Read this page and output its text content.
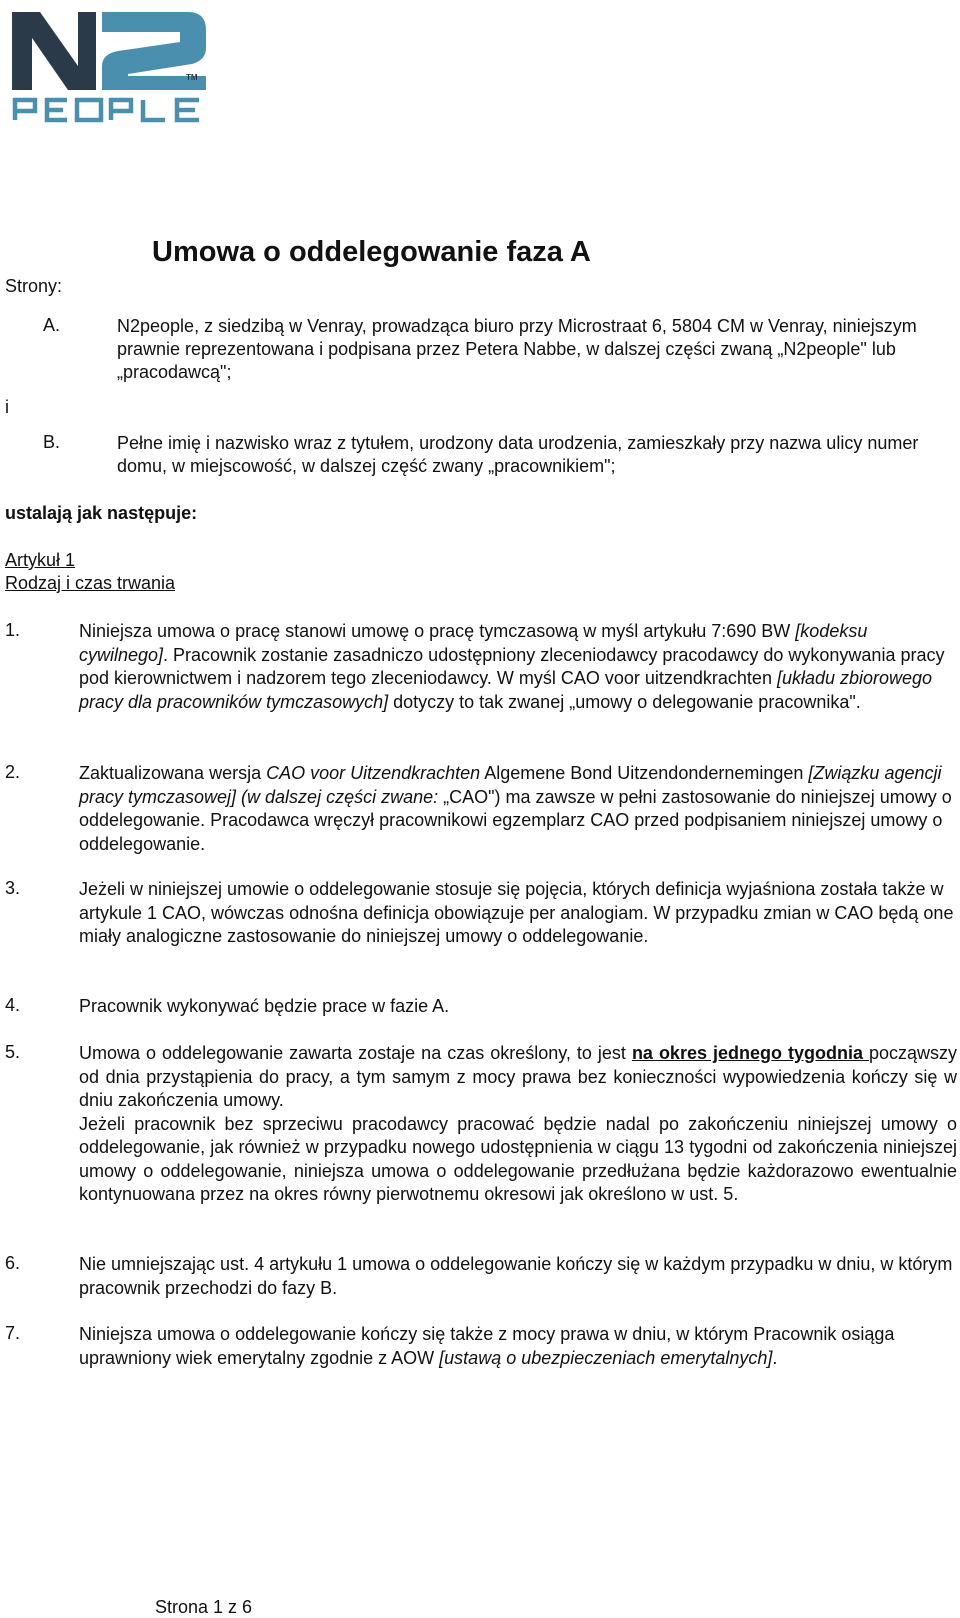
TM
Umowa o oddelegowanie faza A
Strony:
A.	N2people, z siedzibą w Venray, prowadząca biuro przy Microstraat 6, 5804 CM w Venray, niniejszym prawnie reprezentowana i podpisana przez Petera Nabbe, w dalszej części zwaną „N2people" lub „pracodawcą";
i
B.	Pełne imię i nazwisko wraz z tytułem, urodzony data urodzenia, zamieszkały przy nazwa ulicy numer domu, w miejscowość, w dalszej część zwany „pracownikiem";
ustalają jak następuje:
Artykuł 1
Rodzaj i czas trwania
1.	Niniejsza umowa o pracę stanowi umowę o pracę tymczasową w myśl artykułu 7:690 BW [kodeksu cywilnego]. Pracownik zostanie zasadniczo udostępniony zleceniodawcy pracodawcy do wykonywania pracy pod kierownictwem i nadzorem tego zleceniodawcy. W myśl CAO voor uitzendkrachten [układu zbiorowego pracy dla pracowników tymczasowych] dotyczy to tak zwanej „umowy o delegowanie pracownika".
2.	Zaktualizowana wersja CAO voor Uitzendkrachten Algemene Bond Uitzendondernemingen [Związku agencji pracy tymczasowej] (w dalszej części zwane: „CAO") ma zawsze w pełni zastosowanie do niniejszej umowy o oddelegowanie. Pracodawca wręczył pracownikowi egzemplarz CAO przed podpisaniem niniejszej umowy o oddelegowanie.
3.	Jeżeli w niniejszej umowie o oddelegowanie stosuje się pojęcia, których definicja wyjaśniona została także w artykule 1 CAO, wówczas odnośna definicja obowiązuje per analogiam. W przypadku zmian w CAO będą one miały analogiczne zastosowanie do niniejszej umowy o oddelegowanie.
4.	Pracownik wykonywać będzie prace w fazie A.
5.	Umowa o oddelegowanie zawarta zostaje na czas określony, to jest na okres jednego tygodnia począwszy od dnia przystąpienia do pracy, a tym samym z mocy prawa bez konieczności wypowiedzenia kończy się w dniu zakończenia umowy.
Jeżeli pracownik bez sprzeciwu pracodawcy pracować będzie nadal po zakończeniu niniejszej umowy o oddelegowanie, jak również w przypadku nowego udostępnienia w ciągu 13 tygodni od zakończenia niniejszej umowy o oddelegowanie, niniejsza umowa o oddelegowanie przedłużana będzie każdorazowo ewentualnie kontynuowana przez na okres równy pierwotnemu okresowi jak określono w ust. 5.
6.	Nie umniejszając ust. 4 artykułu 1 umowa o oddelegowanie kończy się w każdym przypadku w dniu, w którym pracownik przechodzi do fazy B.
7.	Niniejsza umowa o oddelegowanie kończy się także z mocy prawa w dniu, w którym Pracownik osiąga uprawniony wiek emerytalny zgodnie z AOW [ustawą o ubezpieczeniach emerytalnych].
Strona 1 z 6
